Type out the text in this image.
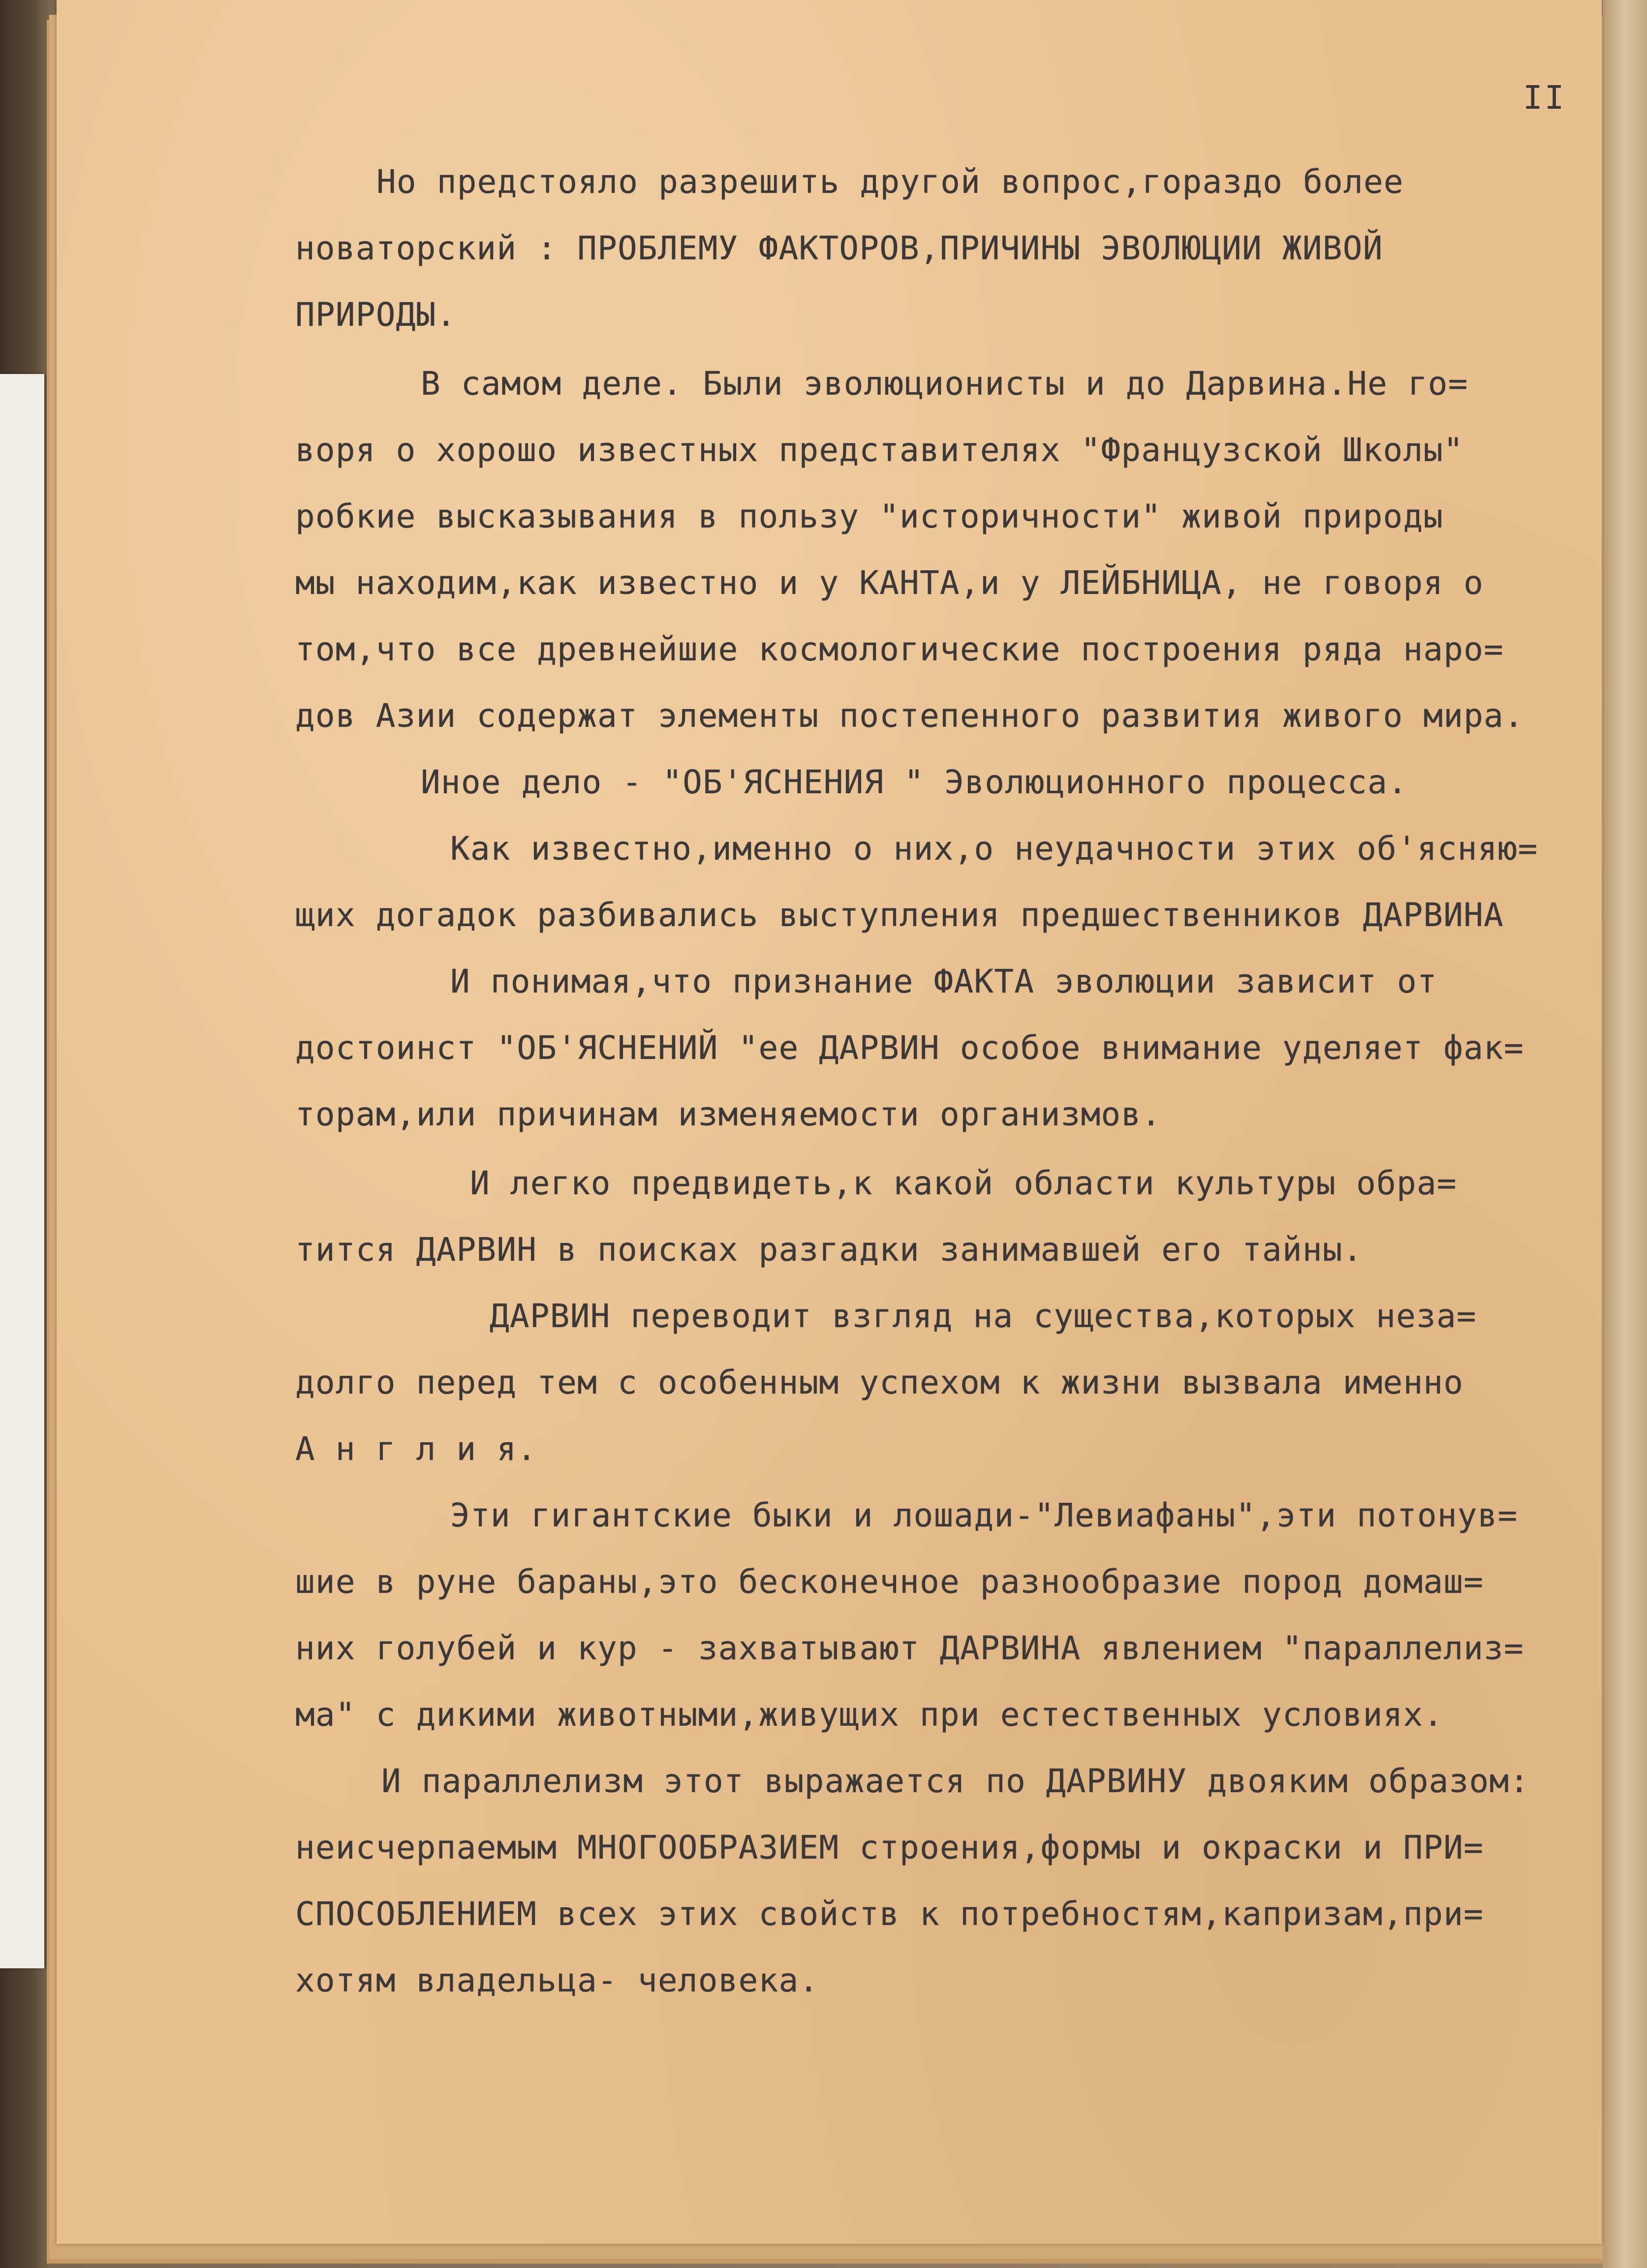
II
Но предстояло разрешить другой вопрос,гораздо более
новаторский : ПРОБЛЕМУ ФАКТОРОВ,ПРИЧИНЫ ЭВОЛЮЦИИ ЖИВОЙ
ПРИРОДЫ.
В самом деле. Были эволюционисты и до Дарвина.Не го=
воря о хорошо известных представителях "Французской Школы"
робкие высказывания в пользу "историчности" живой природы
мы находим,как известно и у КАНТА,и у ЛЕЙБНИЦА, не говоря о
том,что все древнейшие космологические построения ряда наро=
дов Азии содержат элементы постепенного развития живого мира.
Иное дело - "ОБ'ЯСНЕНИЯ " Эволюционного процесса.
Как известно,именно о них,о неудачности этих об'ясняю=
щих догадок разбивались выступления предшественников ДАРВИНА
И понимая,что признание ФАКТА эволюции зависит от
достоинст "ОБ'ЯСНЕНИЙ "ее ДАРВИН особое внимание уделяет фак=
торам,или причинам изменяемости организмов.
И легко предвидеть,к какой области культуры обра=
тится ДАРВИН в поисках разгадки занимавшей его тайны.
ДАРВИН переводит взгляд на существа,которых неза=
долго перед тем с особенным успехом к жизни вызвала именно
А н г л и я.
Эти гигантские быки и лошади-"Левиафаны",эти потонув=
шие в руне бараны,это бесконечное разнообразие пород домаш=
них голубей и кур - захватывают ДАРВИНА явлением "параллелиз=
ма" с дикими животными,живущих при естественных условиях.
И параллелизм этот выражается по ДАРВИНУ двояким образом:
неисчерпаемым МНОГООБРАЗИЕМ строения,формы и окраски и ПРИ=
СПОСОБЛЕНИЕМ всех этих свойств к потребностям,капризам,при=
хотям владельца- человека.
